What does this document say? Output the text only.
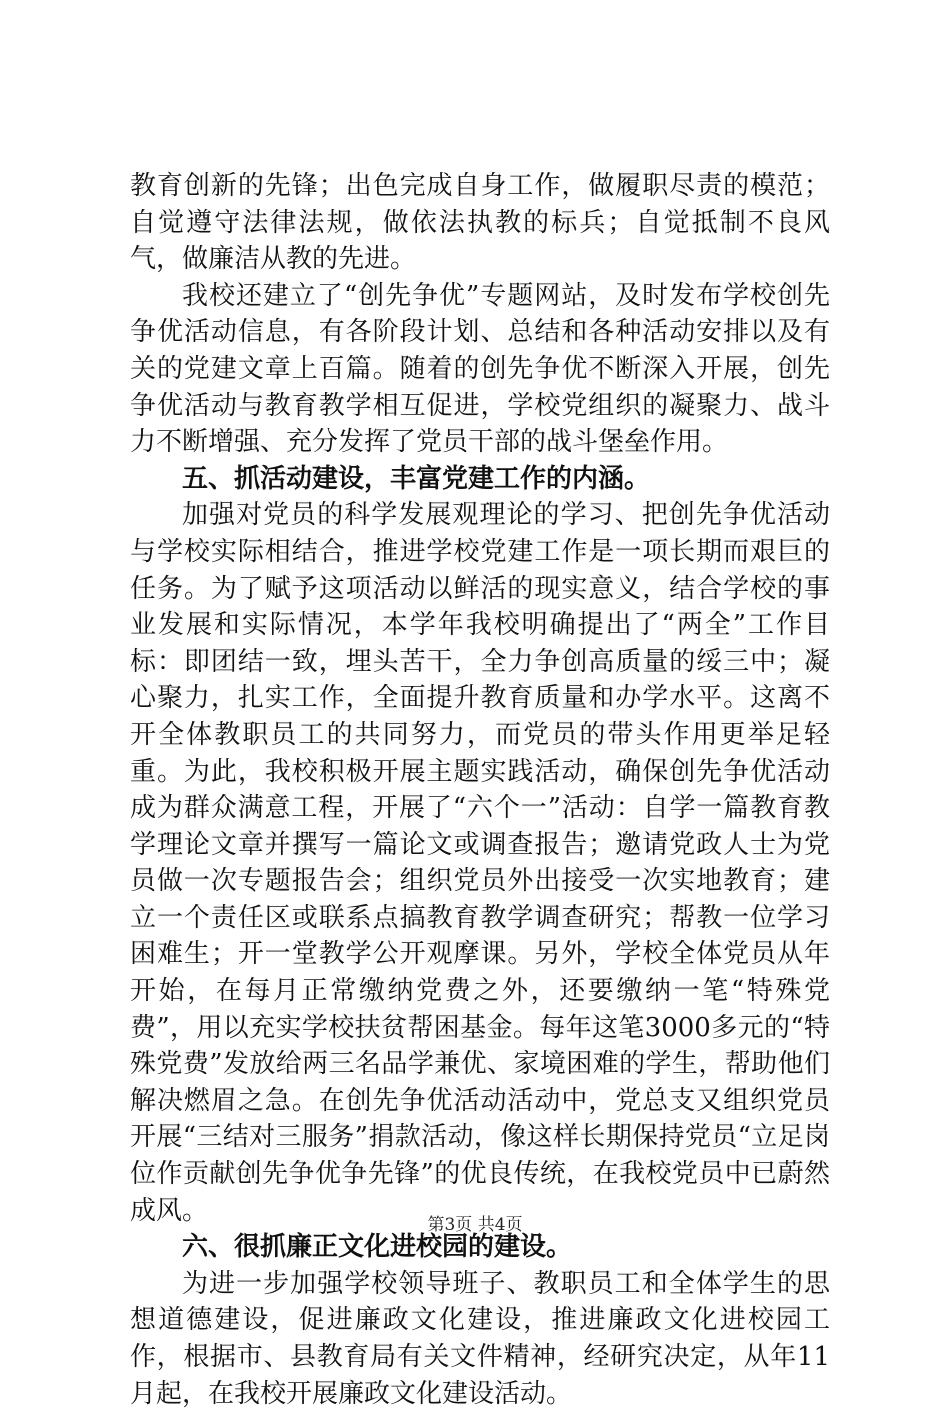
教育创新的先锋；出色完成自身工作，做履职尽责的模范；自觉遵守法律法规，做依法执教的标兵；自觉抵制不良风气，做廉洁从教的先进。

我校还建立了“创先争优”专题网站，及时发布学校创先争优活动信息，有各阶段计划、总结和各种活动安排以及有关的党建文章上百篇。随着的创先争优不断深入开展，创先争优活动与教育教学相互促进，学校党组织的凝聚力、战斗力不断增强、充分发挥了党员干部的战斗堡垒作用。

五、抓活动建设，丰富党建工作的内涵。

加强对党员的科学发展观理论的学习、把创先争优活动与学校实际相结合，推进学校党建工作是一项长期而艰巨的任务。为了赋予这项活动以鲜活的现实意义，结合学校的事业发展和实际情况，本学年我校明确提出了“两全”工作目标：即团结一致，埋头苦干，全力争创高质量的绥三中；凝心聚力，扎实工作，全面提升教育质量和办学水平。这离不开全体教职员工的共同努力，而党员的带头作用更举足轻重。为此，我校积极开展主题实践活动，确保创先争优活动成为群众满意工程，开展了“六个一”活动：自学一篇教育教学理论文章并撰写一篇论文或调查报告；邀请党政人士为党员做一次专题报告会；组织党员外出接受一次实地教育；建立一个责任区或联系点搞教育教学调查研究；帮教一位学习困难生；开一堂教学公开观摩课。另外，学校全体党员从年开始，在每月正常缴纳党费之外，还要缴纳一笔“特殊党费”，用以充实学校扶贫帮困基金。每年这笔3000多元的“特殊党费”发放给两三名品学兼优、家境困难的学生，帮助他们解决燃眉之急。在创先争优活动活动中，党总支又组织党员开展“三结对三服务”捐款活动，像这样长期保持党员“立足岗位作贡献创先争优争先锋”的优良传统，在我校党员中已蔚然成风。

六、很抓廉正文化进校园的建设。

为进一步加强学校领导班子、教职员工和全体学生的思想道德建设，促进廉政文化建设，推进廉政文化进校园工作，根据市、县教育局有关文件精神，经研究决定，从年11月起，在我校开展廉政文化建设活动。

第3页 共4页
